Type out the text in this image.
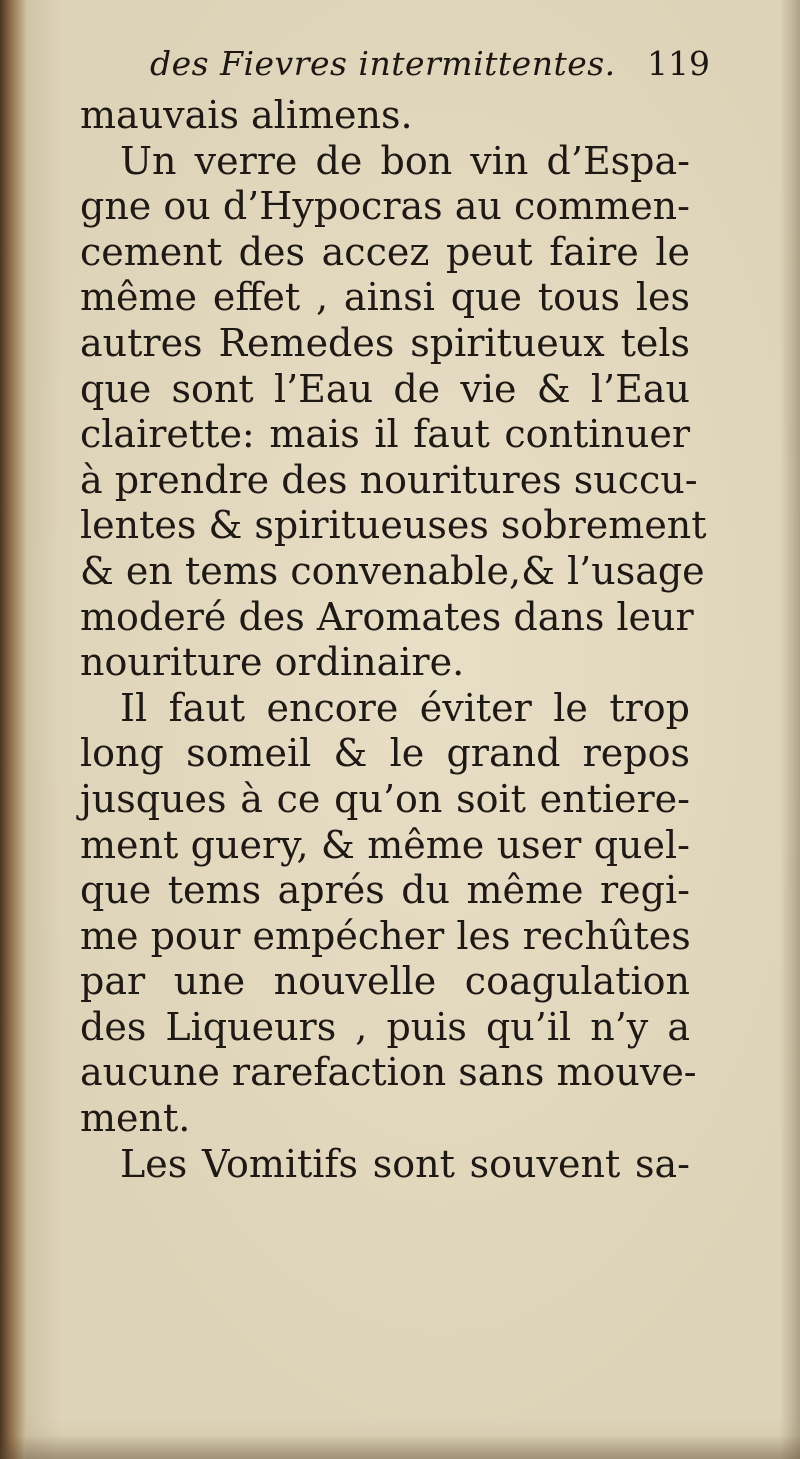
des Fievres intermittentes. 119
mauvais alimens.
Un verre de bon vin d’Espa-
gne ou d’Hypocras au commen-
cement des accez peut faire le
même effet , ainsi que tous les
autres Remedes spiritueux tels
que sont l’Eau de vie & l’Eau
clairette: mais il faut continuer
à prendre des nouritures succu-
lentes & spiritueuses sobrement
& en tems convenable,& l’usage
moderé des Aromates dans leur
nouriture ordinaire.
Il faut encore éviter le trop
long someil & le grand repos
jusques à ce qu’on soit entiere-
ment guery, & même user quel-
que tems aprés du même regi-
me pour empécher les rechûtes
par une nouvelle coagulation
des Liqueurs , puis qu’il n’y a
aucune rarefaction sans mouve-
ment.
Les Vomitifs sont souvent sa-
